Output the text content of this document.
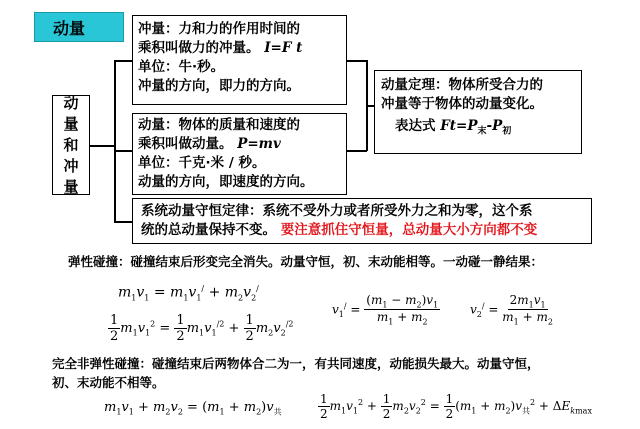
动量
动
量
和
冲
量
冲量：力和力的作用时间的
乘积叫做力的冲量。 I=F t
单位：牛·秒。
冲量的方向，即力的方向。
动量：物体的质量和速度的
乘积叫做动量。 P=mv
单位：千克·米 / 秒。
动量的方向，即速度的方向。
动量定理：物体所受合力的
冲量等于物体的动量变化。
表达式 $Ft=P_末-P_初$
系统动量守恒定律：系统不受外力或者所受外力之和为零，这个系
统的总动量保持不变。 要注意抓住守恒量，总动量大小方向都不变
弹性碰撞：碰撞结束后形变完全消失。动量守恒，初、末动能相等。一动碰一静结果：
$m_1v_1 = m_1v_1^/ + m_2v_2^/$
$\frac{1}{2} m_1v_1^2 = \frac{1}{2} m_1v_1^{/2} + \frac{1}{2} m_2v_2^{/2}$
$v_1^/ = \frac{(m_1 - m_2)v_1}{m_1 + m_2} v_2^/ = \frac{2m_1v_1}{m_1 + m_2}$
完全非弹性碰撞：碰撞结束后两物体合二为一，有共同速度，动能损失最大。动量守恒，
初、末动能不相等。
$m_1v_1 + m_2v_2 = (m_1 + m_2)v_共$	$\frac{1}{2} m_1v_1^2 + \frac{1}{2} m_2v_2^2 = \frac{1}{2} (m_1 + m_2)v_共^2 + \Delta E_{kmax}$
